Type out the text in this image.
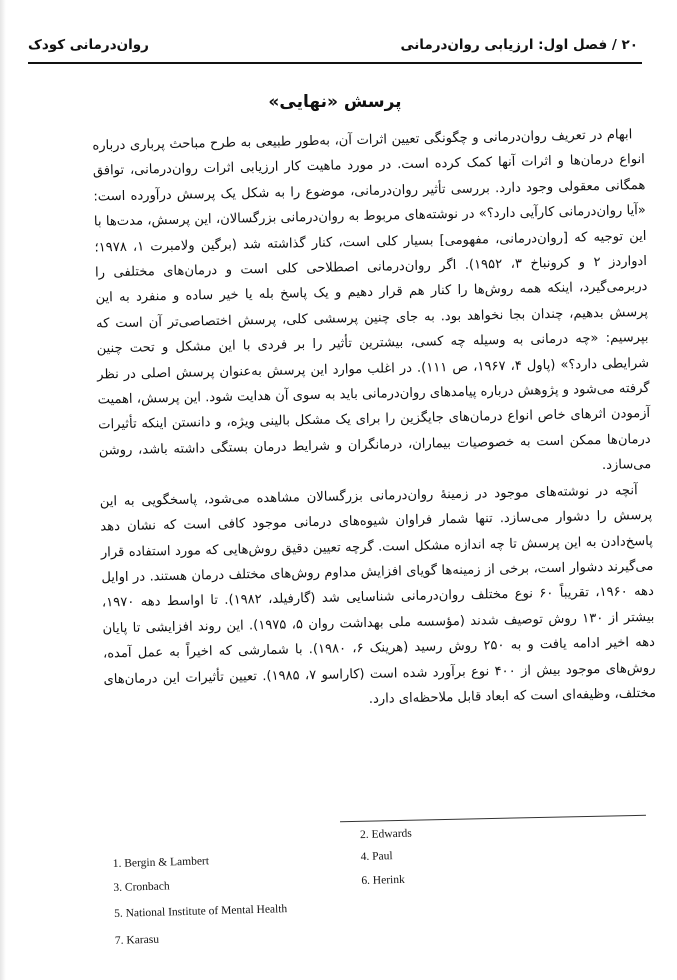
۲۰ / فصل اول: ارزیابی روان‌درمانی
روان‌درمانی کودک
پرسش «نهایی»

ابهام در تعریف روان‌درمانی و چگونگی تعیین اثرات آن، به‌طور طبیعی به طرح مباحث پرباری درباره انواع درمان‌ها و اثرات آنها کمک کرده است. در مورد ماهیت کار ارزیابی اثرات روان‌درمانی، توافق همگانی معقولی وجود دارد. بررسی تأثیر روان‌درمانی، موضوع را به شکل یک پرسش درآورده است: «آیا روان‌درمانی کارآیی دارد؟» در نوشته‌های مربوط به روان‌درمانی بزرگسالان، این پرسش، مدت‌ها با این توجیه که [روان‌درمانی، مفهومی] بسیار کلی است، کنار گذاشته شد (برگین ولامبرت ۱، ۱۹۷۸؛ ادواردز ۲ و کرونباخ ۳، ۱۹۵۲). اگر روان‌درمانی اصطلاحی کلی است و درمان‌های مختلفی را دربرمی‌گیرد، اینکه همه روش‌ها را کنار هم قرار دهیم و یک پاسخ بله یا خیر ساده و منفرد به این پرسش بدهیم، چندان بجا نخواهد بود. به جای چنین پرسشی کلی، پرسش اختصاصی‌تر آن است که بپرسیم: «چه درمانی به وسیله چه کسی، بیشترین تأثیر را بر فردی با این مشکل و تحت چنین شرایطی دارد؟» (پاول ۴، ۱۹۶۷، ص ۱۱۱). در اغلب موارد این پرسش به‌عنوان پرسش اصلی در نظر گرفته می‌شود و پژوهش درباره پیامدهای روان‌درمانی باید به سوی آن هدایت شود. این پرسش، اهمیت آزمودن اثرهای خاص انواع درمان‌های جایگزین را برای یک مشکل بالینی ویژه، و دانستن اینکه تأثیرات درمان‌ها ممکن است به خصوصیات بیماران، درمانگران و شرایط درمان بستگی داشته باشد، روشن می‌سازد.

آنچه در نوشته‌های موجود در زمینهٔ روان‌درمانی بزرگسالان مشاهده می‌شود، پاسخگویی به این پرسش را دشوار می‌سازد. تنها شمار فراوان شیوه‌های درمانی موجود کافی است که نشان دهد پاسخ‌دادن به این پرسش تا چه اندازه مشکل است. گرچه تعیین دقیق روش‌هایی که مورد استفاده قرار می‌گیرند دشوار است، برخی از زمینه‌ها گویای افزایش مداوم روش‌های مختلف درمان هستند. در اوایل دهه ۱۹۶۰، تقریباً ۶۰ نوع مختلف روان‌درمانی شناسایی شد (گارفیلد، ۱۹۸۲). تا اواسط دهه ۱۹۷۰، بیشتر از ۱۳۰ روش توصیف شدند (مؤسسه ملی بهداشت روان ۵، ۱۹۷۵). این روند افزایشی تا پایان دهه اخیر ادامه یافت و به ۲۵۰ روش رسید (هرینک ۶، ۱۹۸۰). با شمارشی که اخیراً به عمل آمده، روش‌های موجود بیش از ۴۰۰ نوع برآورد شده است (کاراسو ۷، ۱۹۸۵). تعیین تأثیرات این درمان‌های مختلف، وظیفه‌ای است که ابعاد قابل ملاحظه‌ای دارد.

1. Bergin & Lambert
2. Edwards
3. Cronbach
4. Paul
5. National Institute of Mental Health
6. Herink
7. Karasu
